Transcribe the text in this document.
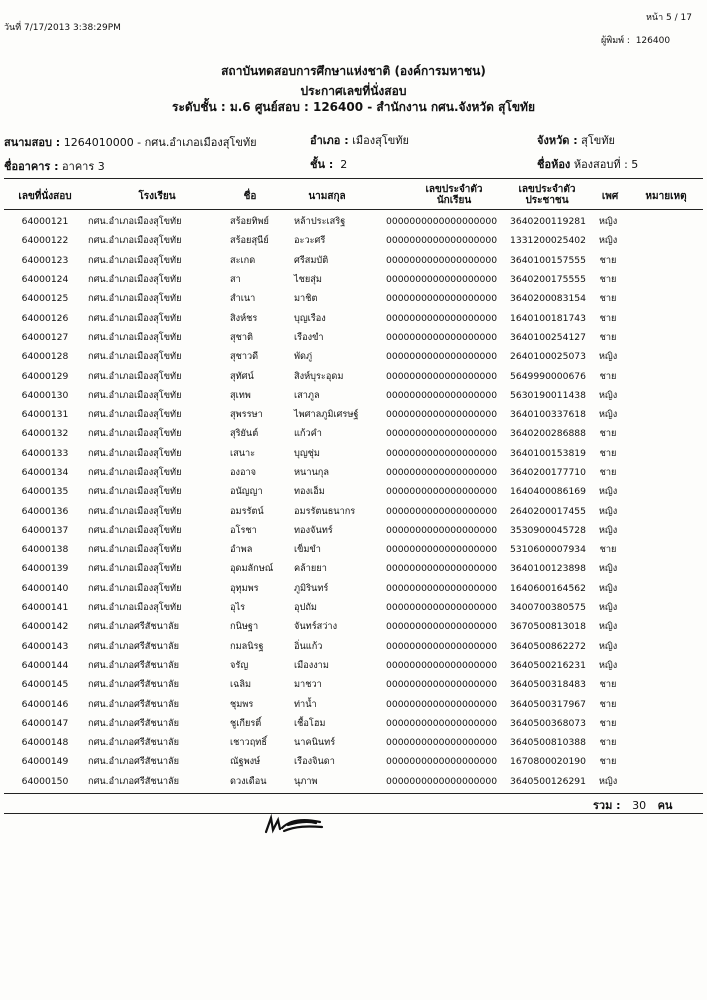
วันที่ 7/17/2013 3:38:29PM
หน้า 5 / 17
ผู้พิมพ์ : 126400
สถาบันทดสอบการศึกษาแห่งชาติ (องค์การมหาชน)
ประกาศเลขที่นั่งสอบ
ระดับชั้น : ม.6 ศูนย์สอบ : 126400 - สำนักงาน กศน.จังหวัด สุโขทัย
สนามสอบ : 1264010000 - กศน.อำเภอเมืองสุโขทัย	อำเภอ : เมืองสุโขทัย	จังหวัด : สุโขทัย
ชื่ออาคาร : อาคาร 3	ชั้น : 2	ชื่อห้อง ห้องสอบที่ : 5
เลขที่นั่งสอบ	โรงเรียน	ชื่อ	นามสกุล
เลขประจำตัว
นักเรียน
เลขประจำตัว
ประชาชน	เพศ	หมายเหตุ
64000121	กศน.อำเภอเมืองสุโขทัย	สร้อยทิพย์	หล้าประเสริฐ	0000000000000000000	3640200119281	หญิง
64000122	กศน.อำเภอเมืองสุโขทัย	สร้อยสุนีย์	อะวะศรี	0000000000000000000	1331200025402	หญิง
64000123	กศน.อำเภอเมืองสุโขทัย	สะเกด	ศรีสมบัติ	0000000000000000000	3640100157555	ชาย
64000124	กศน.อำเภอเมืองสุโขทัย	สา	ไชยสุ่ม	0000000000000000000	3640200175555	ชาย
64000125	กศน.อำเภอเมืองสุโขทัย	สำเนา	มาชิต	0000000000000000000	3640200083154	ชาย
64000126	กศน.อำเภอเมืองสุโขทัย	สิงห์ชร	บุญเรือง	0000000000000000000	1640100181743	ชาย
64000127	กศน.อำเภอเมืองสุโขทัย	สุชาติ	เรืองขำ	0000000000000000000	3640100254127	ชาย
64000128	กศน.อำเภอเมืองสุโขทัย	สุชาวดี	พัดภู่	0000000000000000000	2640100025073	หญิง
64000129	กศน.อำเภอเมืองสุโขทัย	สุทัศน์	สิงห์บุระอุดม	0000000000000000000	5649990000676	ชาย
64000130	กศน.อำเภอเมืองสุโขทัย	สุเทพ	เสาภูล	0000000000000000000	5630190011438	หญิง
64000131	กศน.อำเภอเมืองสุโขทัย	สุพรรษา	ไพศาลภูมิเศรษฐ์	0000000000000000000	3640100337618	หญิง
64000132	กศน.อำเภอเมืองสุโขทัย	สุริยันต์	แก้วคำ	0000000000000000000	3640200286888	ชาย
64000133	กศน.อำเภอเมืองสุโขทัย	เสนาะ	บุญชุ่ม	0000000000000000000	3640100153819	ชาย
64000134	กศน.อำเภอเมืองสุโขทัย	องอาจ	หนานกุล	0000000000000000000	3640200177710	ชาย
64000135	กศน.อำเภอเมืองสุโขทัย	อนัญญา	ทองเอ็ม	0000000000000000000	1640400086169	หญิง
64000136	กศน.อำเภอเมืองสุโขทัย	อมรรัตน์	อมรรัตนธนากร	0000000000000000000	2640200017455	หญิง
64000137	กศน.อำเภอเมืองสุโขทัย	อโรชา	ทองจันทร์	0000000000000000000	3530900045728	หญิง
64000138	กศน.อำเภอเมืองสุโขทัย	อำพล	เข็มขำ	0000000000000000000	5310600007934	ชาย
64000139	กศน.อำเภอเมืองสุโขทัย	อุดมลักษณ์	คล้ายยา	0000000000000000000	3640100123898	หญิง
64000140	กศน.อำเภอเมืองสุโขทัย	อุทุมพร	ภูมิรินทร์	0000000000000000000	1640600164562	หญิง
64000141	กศน.อำเภอเมืองสุโขทัย	อุไร	อุปถัม	0000000000000000000	3400700380575	หญิง
64000142	กศน.อำเภอศรีสัชนาลัย	กนิษฐา	จันทร์สว่าง	0000000000000000000	3670500813018	หญิง
64000143	กศน.อำเภอศรีสัชนาลัย	กมลนิรฐ	อิ่นแก้ว	0000000000000000000	3640500862272	หญิง
64000144	กศน.อำเภอศรีสัชนาลัย	จรัญ	เมืองงาม	0000000000000000000	3640500216231	หญิง
64000145	กศน.อำเภอศรีสัชนาลัย	เฉลิม	มาชวา	0000000000000000000	3640500318483	ชาย
64000146	กศน.อำเภอศรีสัชนาลัย	ชุมพร	ท่าน้ำ	0000000000000000000	3640500317967	ชาย
64000147	กศน.อำเภอศรีสัชนาลัย	ชูเกียรติ์	เชื้อโฮม	0000000000000000000	3640500368073	ชาย
64000148	กศน.อำเภอศรีสัชนาลัย	เชาวฤทธิ์	นาคนินทร์	0000000000000000000	3640500810388	ชาย
64000149	กศน.อำเภอศรีสัชนาลัย	ณัฐพงษ์	เรืองจินดา	0000000000000000000	1670800020190	ชาย
64000150	กศน.อำเภอศรีสัชนาลัย	ดวงเดือน	นุภาพ	0000000000000000000	3640500126291	หญิง
รวม : 30 คน
